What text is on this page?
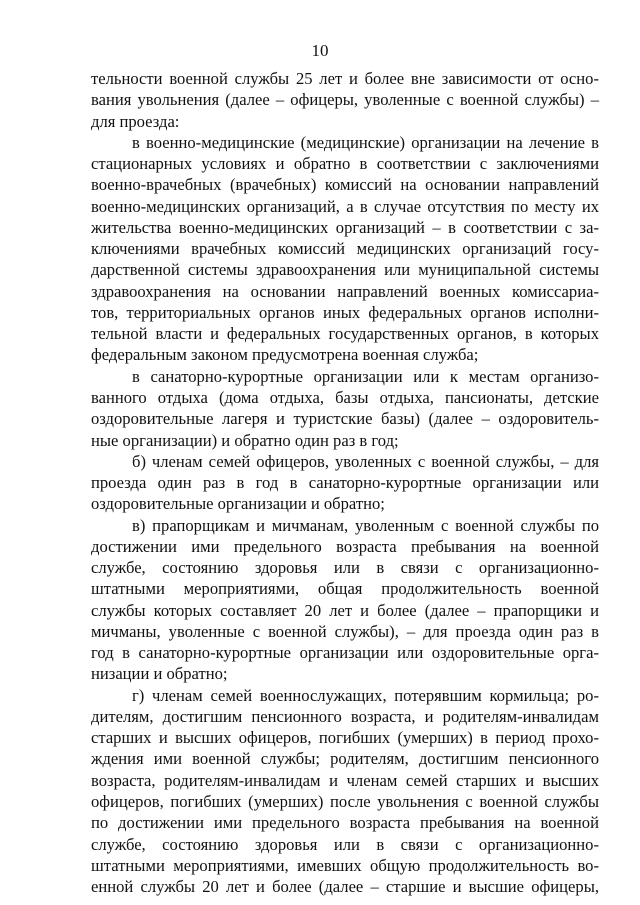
10
тельности военной службы 25 лет и более вне зависимости от осно-
вания увольнения (далее – офицеры, уволенные с военной службы) –
для проезда:
в военно-медицинские (медицинские) организации на лечение в
стационарных условиях и обратно в соответствии с заключениями
военно-врачебных (врачебных) комиссий на основании направлений
военно-медицинских организаций, а в случае отсутствия по месту их
жительства военно-медицинских организаций – в соответствии с за-
ключениями врачебных комиссий медицинских организаций госу-
дарственной системы здравоохранения или муниципальной системы
здравоохранения на основании направлений военных комиссариа-
тов, территориальных органов иных федеральных органов исполни-
тельной власти и федеральных государственных органов, в которых
федеральным законом предусмотрена военная служба;
в санаторно-курортные организации или к местам организо-
ванного отдыха (дома отдыха, базы отдыха, пансионаты, детские
оздоровительные лагеря и туристские базы) (далее – оздоровитель-
ные организации) и обратно один раз в год;
б) членам семей офицеров, уволенных с военной службы, – для
проезда один раз в год в санаторно-курортные организации или
оздоровительные организации и обратно;
в) прапорщикам и мичманам, уволенным с военной службы по
достижении ими предельного возраста пребывания на военной
службе, состоянию здоровья или в связи с организационно-
штатными мероприятиями, общая продолжительность военной
службы которых составляет 20 лет и более (далее – прапорщики и
мичманы, уволенные с военной службы), – для проезда один раз в
год в санаторно-курортные организации или оздоровительные орга-
низации и обратно;
г) членам семей военнослужащих, потерявшим кормильца; ро-
дителям, достигшим пенсионного возраста, и родителям-инвалидам
старших и высших офицеров, погибших (умерших) в период прохо-
ждения ими военной службы; родителям, достигшим пенсионного
возраста, родителям-инвалидам и членам семей старших и высших
офицеров, погибших (умерших) после увольнения с военной службы
по достижении ими предельного возраста пребывания на военной
службе, состоянию здоровья или в связи с организационно-
штатными мероприятиями, имевших общую продолжительность во-
енной службы 20 лет и более (далее – старшие и высшие офицеры,
